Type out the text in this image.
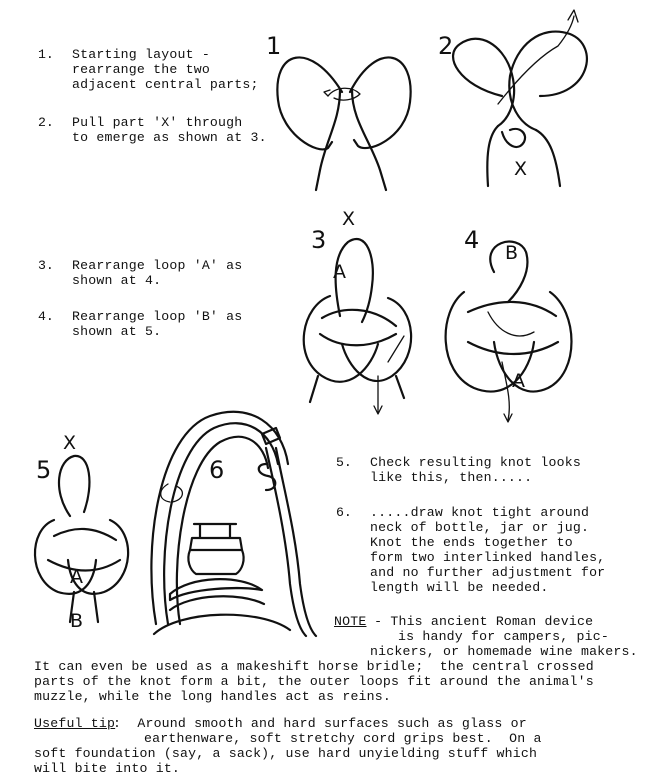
1. Starting layout -
rearrange the two
adjacent central parts;
2. Pull part 'X' through
to emerge as shown at 3.
3. Rearrange loop 'A' as
shown at 4.
4. Rearrange loop 'B' as
shown at 5.
5. Check resulting knot looks
like this, then.....
6. .....draw knot tight around
neck of bottle, jar or jug.
Knot the ends together to
form two interlinked handles,
and no further adjustment for
length will be needed.
NOTE - This ancient Roman device
is handy for campers, pic-
nickers, or homemade wine makers.
It can even be used as a makeshift horse bridle;  the central crossed
parts of the knot form a bit, the outer loops fit around the animal's
muzzle, while the long handles act as reins.
Useful tip
:  Around smooth and hard surfaces such as glass or
earthenware, soft stretchy cord grips best.  On a
soft foundation (say, a sack), use hard unyielding stuff which
will bite into it.
1	2
X
3
X
A
4 B
A
5
X
A
B
6
